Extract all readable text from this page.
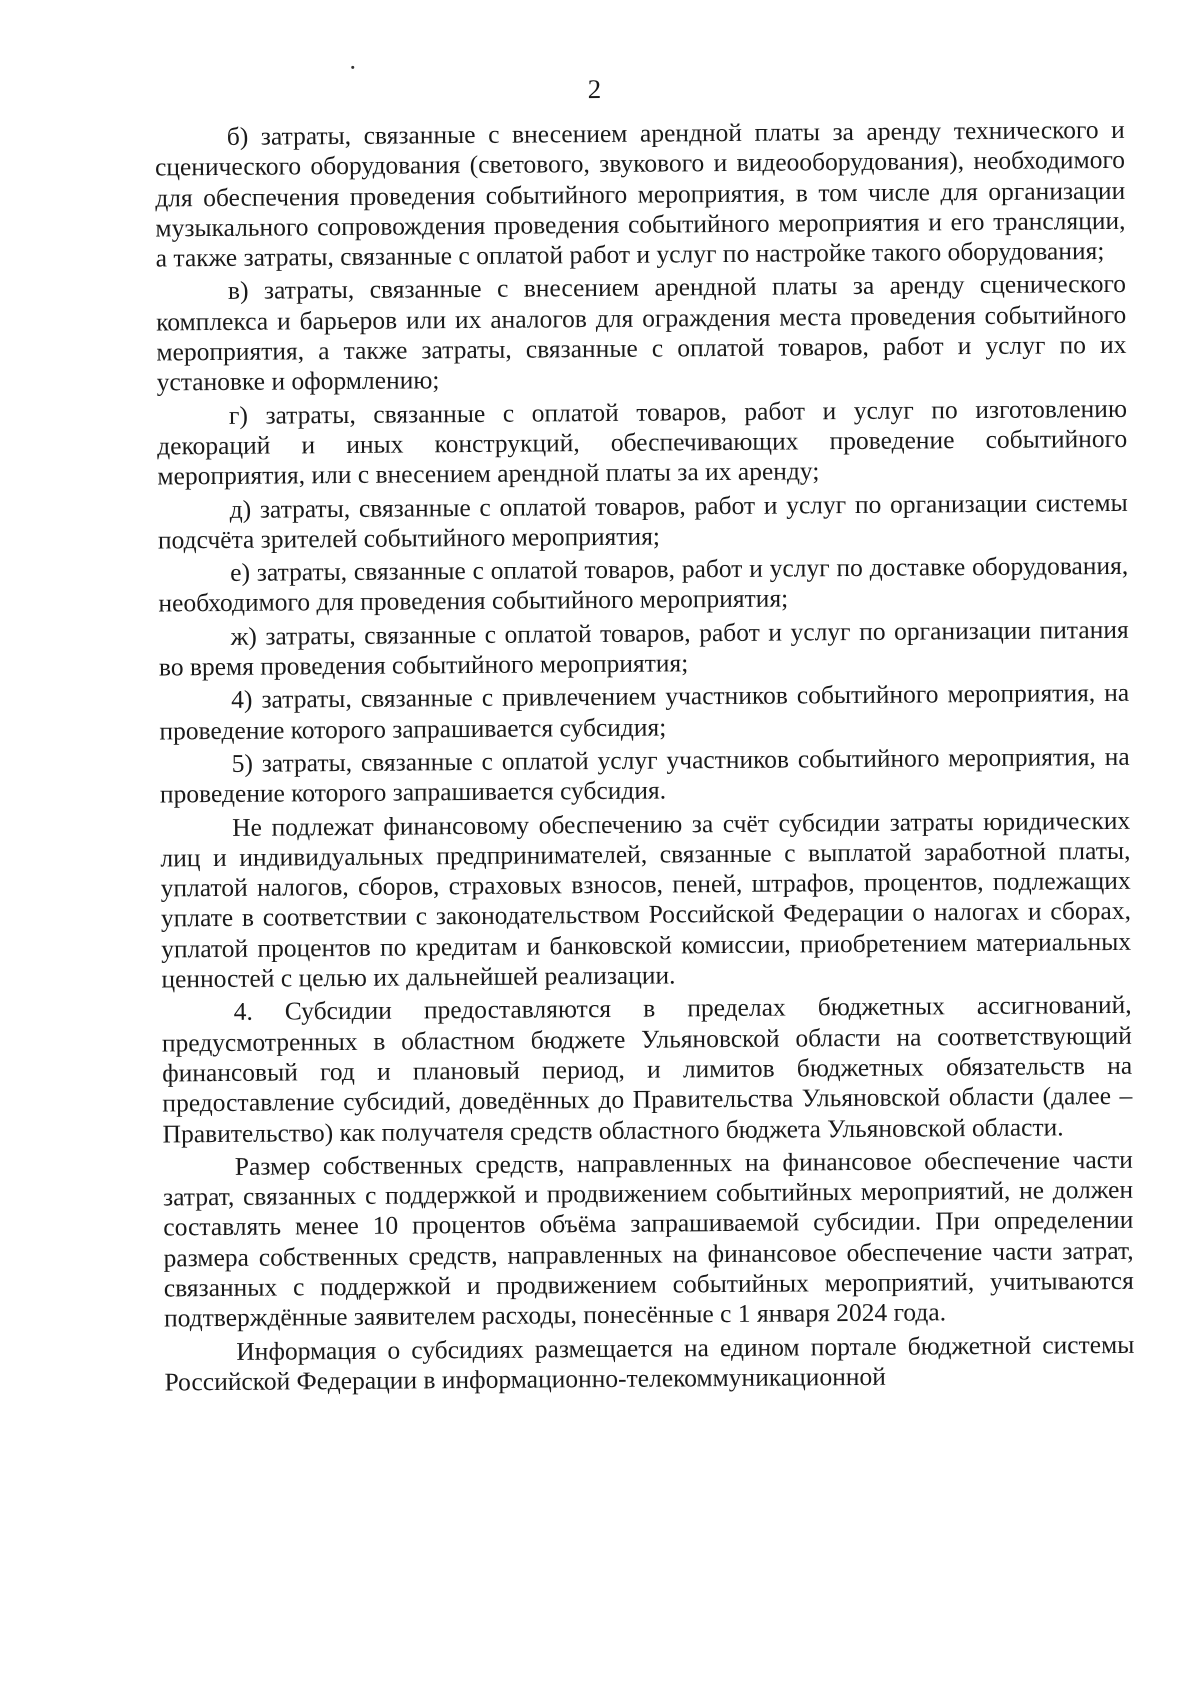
2

б) затраты, связанные с внесением арендной платы за аренду технического и сценического оборудования (светового, звукового и видеооборудования), необходимого для обеспечения проведения событийного мероприятия, в том числе для организации музыкального сопровождения проведения событийного мероприятия и его трансляции, а также затраты, связанные с оплатой работ и услуг по настройке такого оборудования;

в) затраты, связанные с внесением арендной платы за аренду сценического комплекса и барьеров или их аналогов для ограждения места проведения событийного мероприятия, а также затраты, связанные с оплатой товаров, работ и услуг по их установке и оформлению;

г) затраты, связанные с оплатой товаров, работ и услуг по изготовлению декораций и иных конструкций, обеспечивающих проведение событийного мероприятия, или с внесением арендной платы за их аренду;

д) затраты, связанные с оплатой товаров, работ и услуг по организации системы подсчёта зрителей событийного мероприятия;

е) затраты, связанные с оплатой товаров, работ и услуг по доставке оборудования, необходимого для проведения событийного мероприятия;

ж) затраты, связанные с оплатой товаров, работ и услуг по организации питания во время проведения событийного мероприятия;

4) затраты, связанные с привлечением участников событийного мероприятия, на проведение которого запрашивается субсидия;

5) затраты, связанные с оплатой услуг участников событийного мероприятия, на проведение которого запрашивается субсидия.

Не подлежат финансовому обеспечению за счёт субсидии затраты юридических лиц и индивидуальных предпринимателей, связанные с выплатой заработной платы, уплатой налогов, сборов, страховых взносов, пеней, штрафов, процентов, подлежащих уплате в соответствии с законодательством Российской Федерации о налогах и сборах, уплатой процентов по кредитам и банковской комиссии, приобретением материальных ценностей с целью их дальнейшей реализации.

4. Субсидии предоставляются в пределах бюджетных ассигнований, предусмотренных в областном бюджете Ульяновской области на соответствующий финансовый год и плановый период, и лимитов бюджетных обязательств на предоставление субсидий, доведённых до Правительства Ульяновской области (далее – Правительство) как получателя средств областного бюджета Ульяновской области.

Размер собственных средств, направленных на финансовое обеспечение части затрат, связанных с поддержкой и продвижением событийных мероприятий, не должен составлять менее 10 процентов объёма запрашиваемой субсидии. При определении размера собственных средств, направленных на финансовое обеспечение части затрат, связанных с поддержкой и продвижением событийных мероприятий, учитываются подтверждённые заявителем расходы, понесённые с 1 января 2024 года.

Информация о субсидиях размещается на едином портале бюджетной системы Российской Федерации в информационно-телекоммуникационной
